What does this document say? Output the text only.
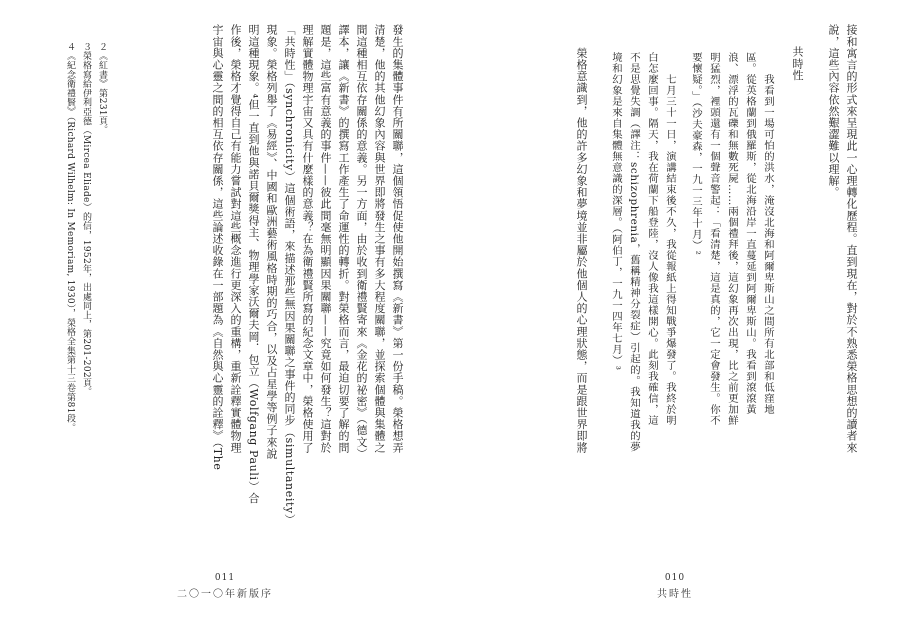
接和寓言的形式來呈現此一心理轉化歷程。直到現在，對於不熟悉榮格思想的讀者來
說，這些內容依然艱澀難以理解。
共時性
　　我看到一場可怕的洪水，淹沒北海和阿爾卑斯山之間所有北部和低窪地
區。從英格蘭到俄羅斯，從北海沿岸一直蔓延到阿爾卑斯山。我看到滾滾黃
浪、漂浮的瓦礫和無數死屍……兩個禮拜後，這幻象再次出現，比之前更加鮮
明猛烈，裡頭還有一個聲音警起：「看清楚，這是真的，它一定會發生。你不
要懷疑。」（沙夫豪森，一九一三年十月）²
　　七月三十一日，演講結束後不久，我從報紙上得知戰爭爆發了。我終於明
白怎麼回事。隔天，我在荷蘭下船登陸，沒人像我這樣開心。此刻我確信，這
不是思覺失調（譯注：schizophrenia，舊稱精神分裂症）引起的。我知道我的夢
境和幻象是來自集體無意識的深層。（阿伯丁，一九一四年七月）³
　　榮格意識到，他的許多幻象和夢境並非屬於他個人的心理狀態，而是跟世界即將
010
共時性
發生的集體事件有所關聯，這個領悟促使他開始撰寫《新書》第一份手稿。榮格想弄
清楚，他的其他幻象內容與世界即將發生之事有多大程度關聯，並探索個體與集體之
間這種相互依存關係的意義。另一方面，由於收到衛禮賢寄來《金花的祕密》（德文）
譯本，讓《新書》的撰寫工作產生了命運性的轉折。對榮格而言，最迫切要了解的問
題是，這些富有意義的事件——彼此間毫無明顯因果關聯——究竟如何發生？這對於
理解實體物理宇宙又具有什麼樣的意義？在為衛禮賢所寫的紀念文章中，榮格使用了
「共時性」（synchronicity）這個術語，來描述那些無因果關聯之事件的同步（simultaneity）
現象。榮格列舉了《易經》、中國和歐洲藝術風格時期的巧合，以及占星學等例子來說
明這種現象。⁴但一直到他與諾貝爾獎得主、物理學家沃爾夫岡．包立（Wolfgang Pauli）合
作後，榮格才覺得自己有能力嘗試對這些概念進行更深入的重構，重新詮釋實體物理
宇宙與心靈之間的相互依存關係，這些論述收錄在一部題為《自然與心靈的詮釋》（The
２《紅書》第231頁。
３榮格寫給伊利亞德（Mircea Eliade）的信，1952年，出處同上，第201-202頁。
４《紀念衛禮賢》（Richard Wilhelm: In Memoriam, 1930），榮格全集第十三卷第81段。
011
二〇一〇年新版序
